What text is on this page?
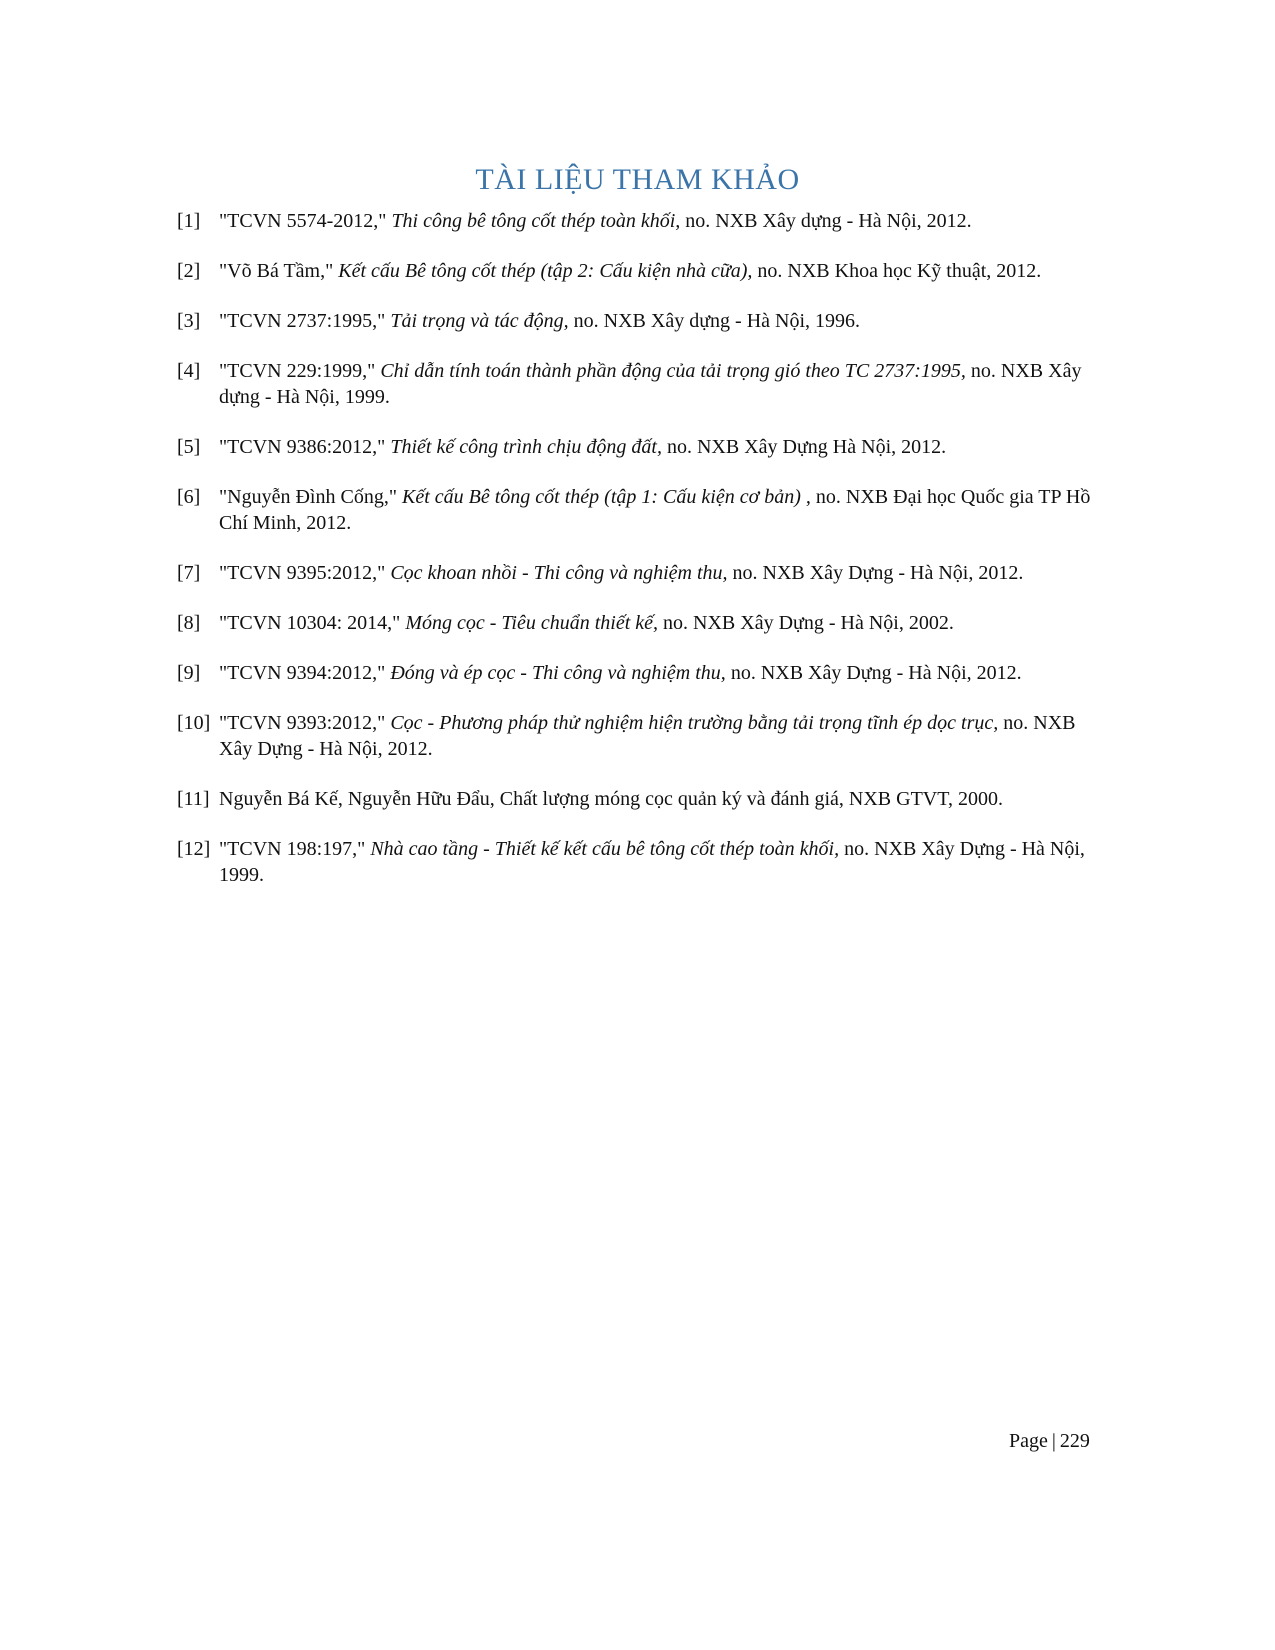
TÀI LIỆU THAM KHẢO
[1] "TCVN 5574-2012," Thi công bê tông cốt thép toàn khối, no. NXB Xây dựng - Hà Nội, 2012.
[2] "Võ Bá Tầm," Kết cấu Bê tông cốt thép (tập 2: Cấu kiện nhà cữa), no. NXB Khoa học Kỹ thuật, 2012.
[3] "TCVN 2737:1995," Tải trọng và tác động, no. NXB Xây dựng - Hà Nội, 1996.
[4] "TCVN 229:1999," Chỉ dẫn tính toán thành phần động của tải trọng gió theo TC 2737:1995, no. NXB Xây dựng - Hà Nội, 1999.
[5] "TCVN 9386:2012," Thiết kế công trình chịu động đất, no. NXB Xây Dựng Hà Nội, 2012.
[6] "Nguyễn Đình Cống," Kết cấu Bê tông cốt thép (tập 1: Cấu kiện cơ bản) , no. NXB Đại học Quốc gia TP Hồ Chí Minh, 2012.
[7] "TCVN 9395:2012," Cọc khoan nhồi - Thi công và nghiệm thu, no. NXB Xây Dựng - Hà Nội, 2012.
[8] "TCVN 10304: 2014," Móng cọc - Tiêu chuẩn thiết kế, no. NXB Xây Dựng - Hà Nội, 2002.
[9] "TCVN 9394:2012," Đóng và ép cọc - Thi công và nghiệm thu, no. NXB Xây Dựng - Hà Nội, 2012.
[10] "TCVN 9393:2012," Cọc - Phương pháp thử nghiệm hiện trường bằng tải trọng tĩnh ép dọc trục, no. NXB Xây Dựng - Hà Nội, 2012.
[11] Nguyễn Bá Kế, Nguyễn Hữu Đẩu, Chất lượng móng cọc quản ký và đánh giá, NXB GTVT, 2000.
[12] "TCVN 198:197," Nhà cao tầng - Thiết kế kết cấu bê tông cốt thép toàn khối, no. NXB Xây Dựng - Hà Nội, 1999.
Page | 229
